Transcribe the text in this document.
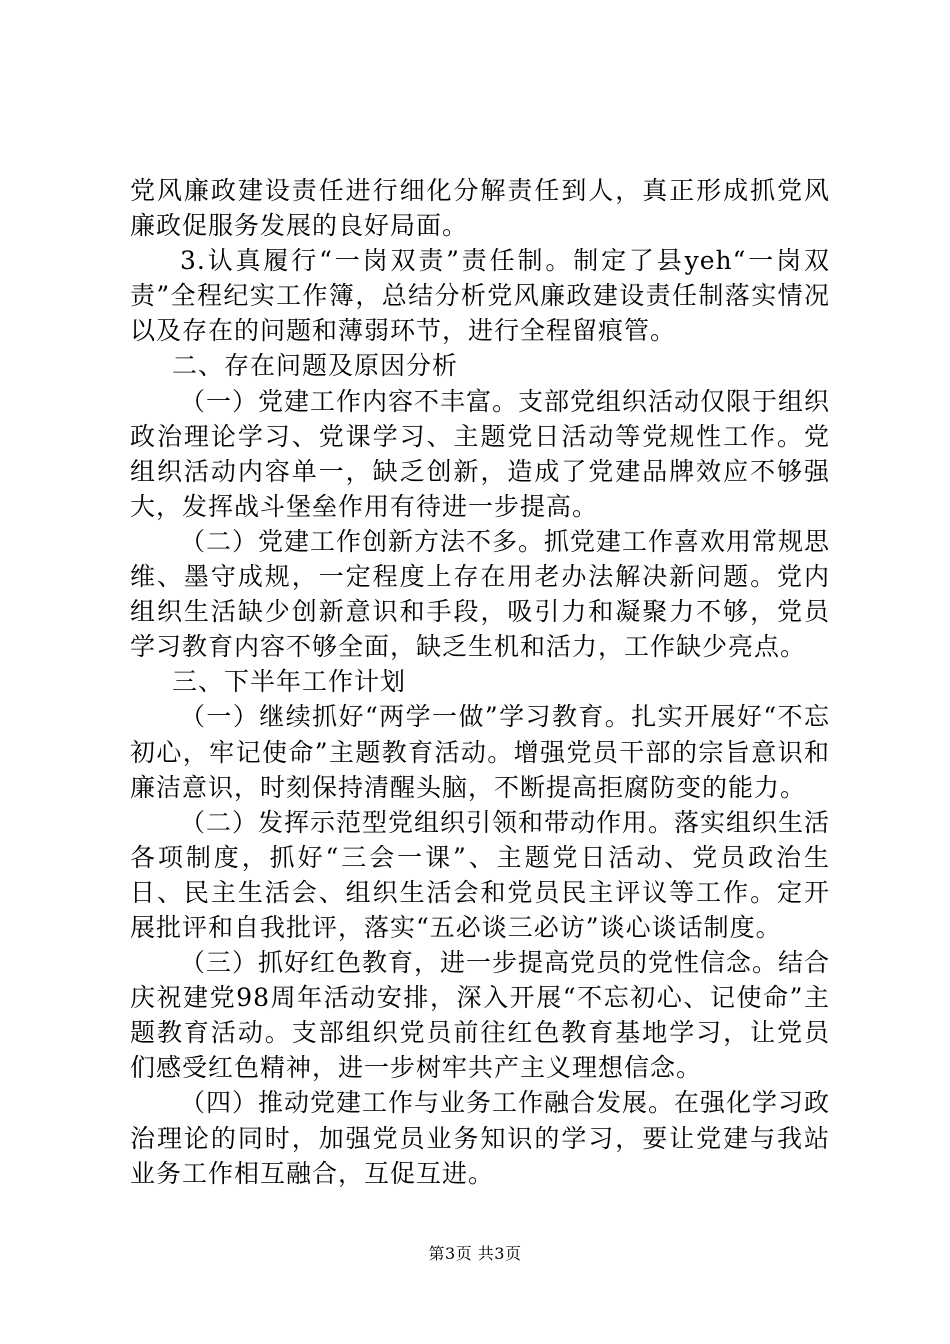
党风廉政建设责任进行细化分解责任到人，真正形成抓党风廉政促服务发展的良好局面。

3.认真履行“一岗双责”责任制。制定了县yeh“一岗双责”全程纪实工作簿，总结分析党风廉政建设责任制落实情况以及存在的问题和薄弱环节，进行全程留痕管。

二、存在问题及原因分析

（一）党建工作内容不丰富。支部党组织活动仅限于组织政治理论学习、党课学习、主题党日活动等党规性工作。党组织活动内容单一，缺乏创新，造成了党建品牌效应不够强大，发挥战斗堡垒作用有待进一步提高。

（二）党建工作创新方法不多。抓党建工作喜欢用常规思维、墨守成规，一定程度上存在用老办法解决新问题。党内组织生活缺少创新意识和手段，吸引力和凝聚力不够，党员学习教育内容不够全面，缺乏生机和活力，工作缺少亮点。

三、下半年工作计划

（一）继续抓好“两学一做”学习教育。扎实开展好“不忘初心，牢记使命”主题教育活动。增强党员干部的宗旨意识和廉洁意识，时刻保持清醒头脑，不断提高拒腐防变的能力。

（二）发挥示范型党组织引领和带动作用。落实组织生活各项制度，抓好“三会一课”、主题党日活动、党员政治生日、民主生活会、组织生活会和党员民主评议等工作。定开展批评和自我批评，落实“五必谈三必访”谈心谈话制度。

（三）抓好红色教育，进一步提高党员的党性信念。结合庆祝建党98周年活动安排，深入开展“不忘初心、记使命”主题教育活动。支部组织党员前往红色教育基地学习，让党员们感受红色精神，进一步树牢共产主义理想信念。

（四）推动党建工作与业务工作融合发展。在强化学习政治理论的同时，加强党员业务知识的学习，要让党建与我站业务工作相互融合，互促互进。

第3页 共3页
